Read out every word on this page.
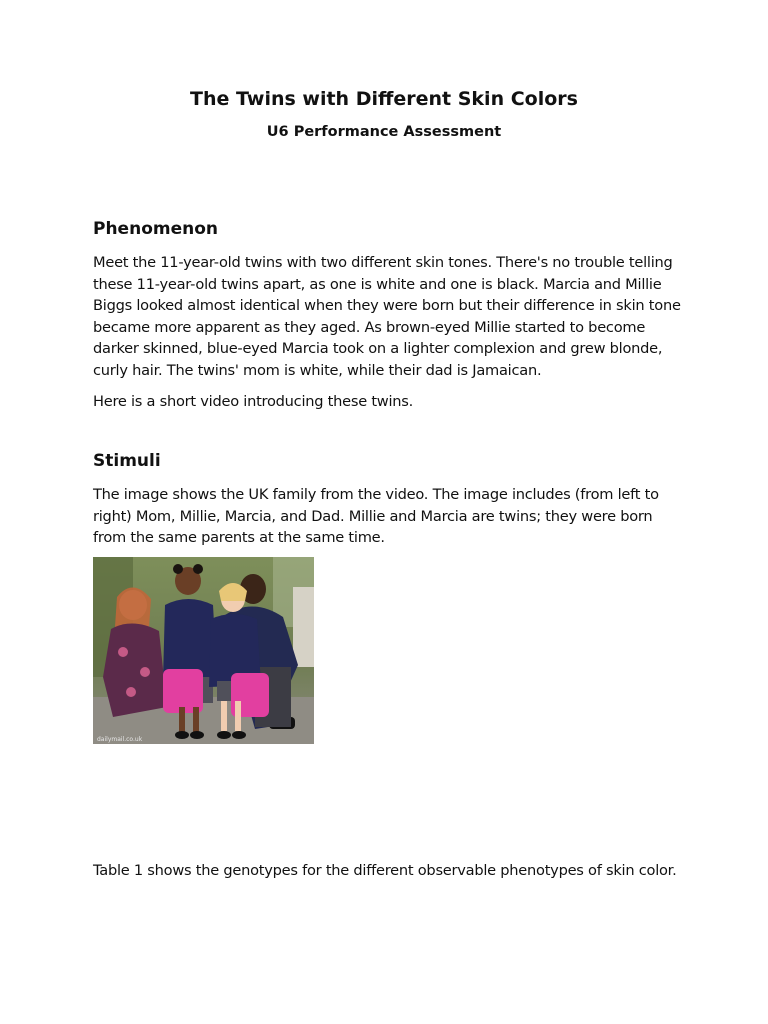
The Twins with Different Skin Colors
U6 Performance Assessment
Phenomenon

Meet the 11-year-old twins with two different skin tones. There's no trouble telling these 11-year-old twins apart, as one is white and one is black. Marcia and Millie Biggs looked almost identical when they were born but their difference in skin tone became more apparent as they aged. As brown-eyed Millie started to become darker skinned, blue-eyed Marcia took on a lighter complexion and grew blonde, curly hair. The twins' mom is white, while their dad is Jamaican.

Here is a short video introducing these twins.

Stimuli

The image shows the UK family from the video. The image includes (from left to right) Mom, Millie, Marcia, and Dad. Millie and Marcia are twins; they were born from the same parents at the same time.

dailymail.co.uk

Table 1 shows the genotypes for the different observable phenotypes of skin color.
